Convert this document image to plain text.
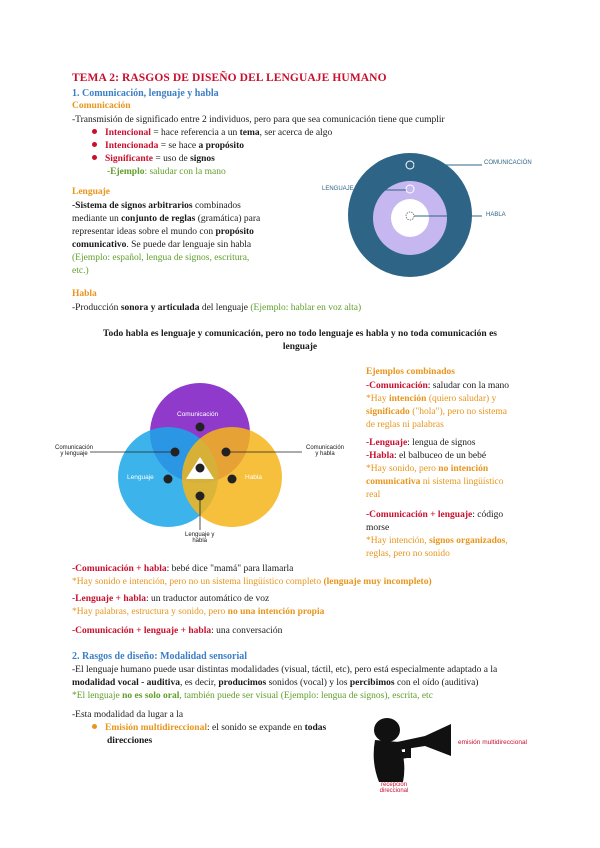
TEMA 2: RASGOS DE DISEÑO DEL LENGUAJE HUMANO
1. Comunicación, lenguaje y habla
Comunicación
-Transmisión de significado entre 2 individuos, pero para que sea comunicación tiene que cumplir
Intencional = hace referencia a un tema, ser acerca de algo
Intencionada = se hace a propósito
Significante = uso de signos
-Ejemplo: saludar con la mano
Lenguaje
-Sistema de signos arbitrarios combinados
mediante un conjunto de reglas (gramática) para
representar ideas sobre el mundo con propósito
comunicativo. Se puede dar lenguaje sin habla
(Ejemplo: español, lengua de signos, escritura,
etc.)
COMUNICACIÓN
LENGUAJE
HABLA
Habla
-Producción sonora y articulada del lenguaje (Ejemplo: hablar en voz alta)
Todo habla es lenguaje y comunicación, pero no todo lenguaje es habla y no toda comunicación es
lenguaje
Comunicación
Lenguaje	Habla
Comunicación
y lenguaje
Comunicación
y habla
Lenguaje y
habla
Ejemplos combinados
-Comunicación: saludar con la mano
*Hay intención (quiero saludar) y
significado ("hola"), pero no sistema
de reglas ni palabras
-Lenguaje: lengua de signos
-Habla: el balbuceo de un bebé
*Hay sonido, pero no intención
comunicativa ni sistema lingüístico
real
-Comunicación + lenguaje: código
morse
*Hay intención, signos organizados,
reglas, pero no sonido
-Comunicación + habla: bebé dice "mamá" para llamarla
*Hay sonido e intención, pero no un sistema lingüístico completo (lenguaje muy incompleto)
-Lenguaje + habla: un traductor automático de voz
*Hay palabras, estructura y sonido, pero no una intención propia
-Comunicación + lenguaje + habla: una conversación
2. Rasgos de diseño: Modalidad sensorial
-El lenguaje humano puede usar distintas modalidades (visual, táctil, etc), pero está especialmente adaptado a la
modalidad vocal - auditiva, es decir, producimos sonidos (vocal) y los percibimos con el oído (auditiva)
*El lenguaje no es solo oral, también puede ser visual (Ejemplo: lengua de signos), escrita, etc
-Esta modalidad da lugar a la
Emisión multidireccional: el sonido se expande en todas
direcciones	emisión multidireccional
recepción
direccional
